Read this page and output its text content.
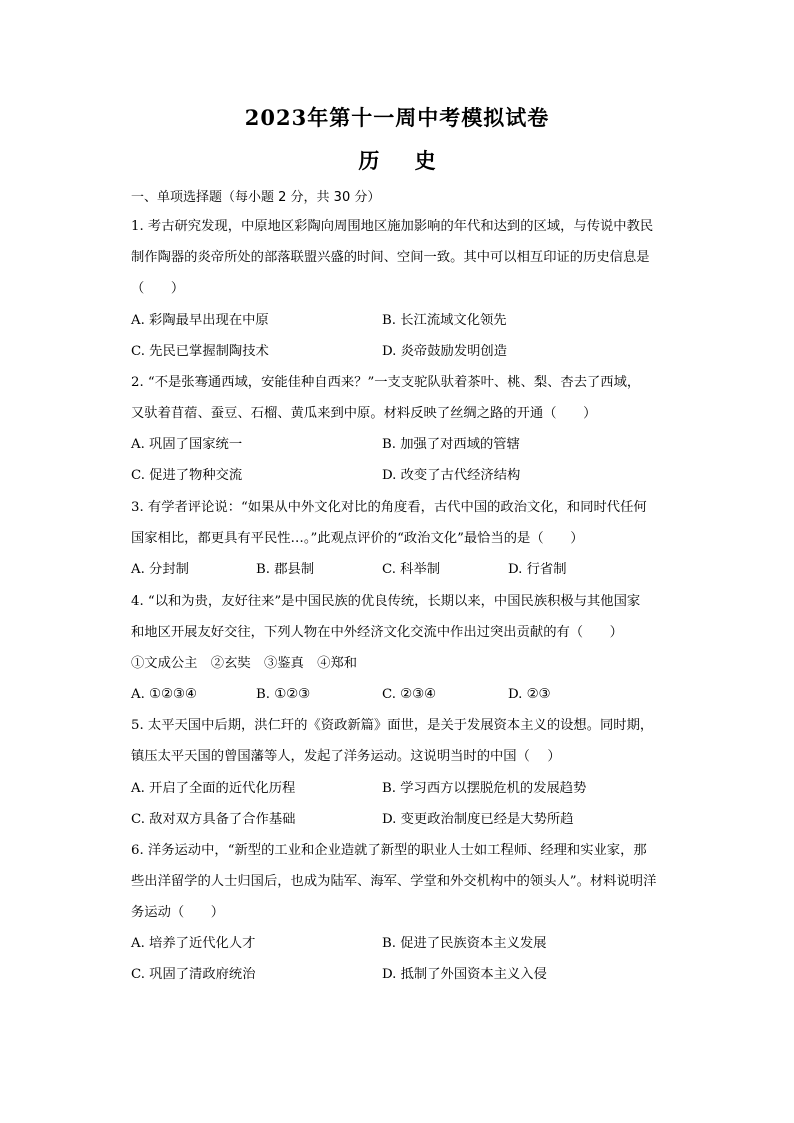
2023年第十一周中考模拟试卷
历 史
一、单项选择题（每小题 2 分，共 30 分）
1. 考古研究发现，中原地区彩陶向周围地区施加影响的年代和达到的区域，与传说中教民
制作陶器的炎帝所处的部落联盟兴盛的时间、空间一致。其中可以相互印证的历史信息是
（　　）
A. 彩陶最早出现在中原	B. 长江流域文化领先
C. 先民已掌握制陶技术	D. 炎帝鼓励发明创造
2. “不是张骞通西域，安能佳种自西来？”一支支驼队驮着茶叶、桃、梨、杏去了西域，
又驮着苜蓿、蚕豆、石榴、黄瓜来到中原。材料反映了丝绸之路的开通（　　）
A. 巩固了国家统一	B. 加强了对西域的管辖
C. 促进了物种交流	D. 改变了古代经济结构
3. 有学者评论说：“如果从中外文化对比的角度看，古代中国的政治文化，和同时代任何
国家相比，都更具有平民性…。”此观点评价的“政治文化”最恰当的是（　　）
A. 分封制	B. 郡县制	C. 科举制	D. 行省制
4. “以和为贵，友好往来”是中国民族的优良传统，长期以来，中国民族积极与其他国家
和地区开展友好交往，下列人物在中外经济文化交流中作出过突出贡献的有（　　）
①文成公主　②玄奘　③鉴真　④郑和
A. ①②③④	B. ①②③	C. ②③④	D. ②③
5. 太平天国中后期，洪仁玕的《资政新篇》面世，是关于发展资本主义的设想。同时期，
镇压太平天国的曾国藩等人，发起了洋务运动。这说明当时的中国（　 ）
A. 开启了全面的近代化历程	B. 学习西方以摆脱危机的发展趋势
C. 敌对双方具备了合作基础	D. 变更政治制度已经是大势所趋
6. 洋务运动中，“新型的工业和企业造就了新型的职业人士如工程师、经理和实业家，那
些出洋留学的人士归国后，也成为陆军、海军、学堂和外交机构中的领头人”。材料说明洋
务运动（　　）
A. 培养了近代化人才	B. 促进了民族资本主义发展
C. 巩固了清政府统治	D. 抵制了外国资本主义入侵
